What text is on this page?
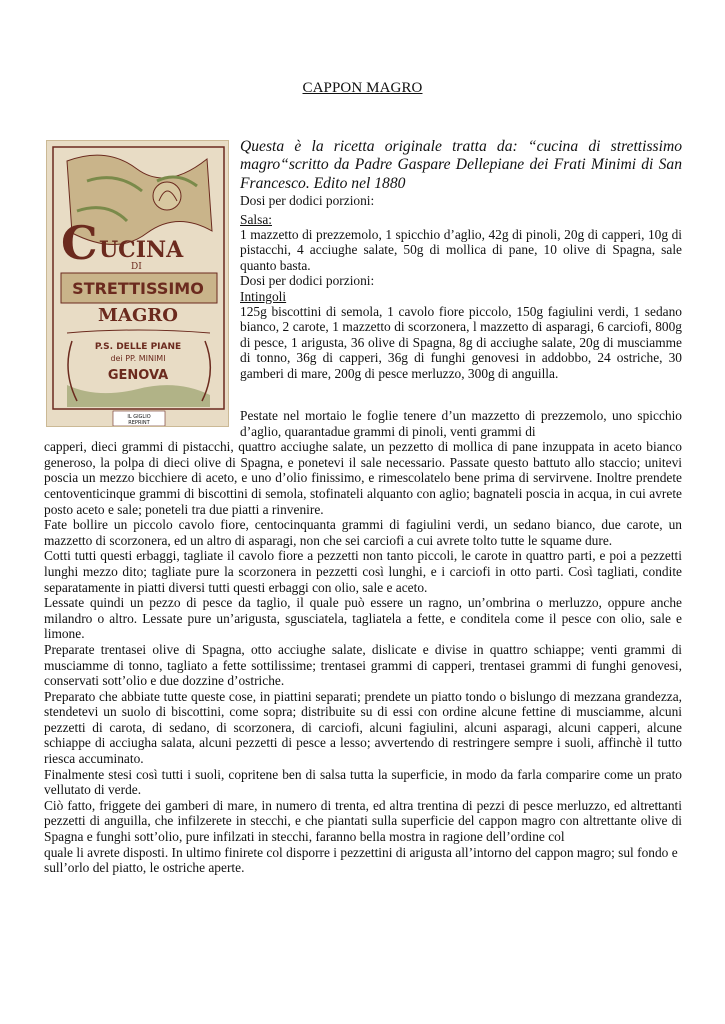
CAPPON MAGRO
C UCINA
DI
STRETTISSIMO
MAGRO
P.S. DELLE PIANE
dei PP. MINIMI
GENOVA
IL GIGLIO
REPRINT

Questa è la ricetta originale tratta da: “cucina di strettissimo magro“scritto da Padre Gaspare Dellepiane dei Frati Minimi di San Francesco. Edito nel 1880

Dosi per dodici porzioni:

Salsa:

1 mazzetto di prezzemolo, 1 spicchio d’aglio, 42g di pinoli, 20g di capperi, 10g di pistacchi, 4 acciughe salate, 50g di mollica di pane, 10 olive di Spagna, sale quanto basta.

Dosi per dodici porzioni:

Intingoli

125g biscottini di semola, 1 cavolo fiore piccolo, 150g fagiulini verdi, 1 sedano bianco, 2 carote, 1 mazzetto di scorzonera, l mazzetto di asparagi, 6 carciofi, 800g di pesce, 1 arigusta, 36 olive di Spagna, 8g di acciughe salate, 20g di musciamme di tonno, 36g di capperi, 36g di funghi genovesi in addobbo, 24 ostriche, 30 gamberi di mare, 200g di pesce merluzzo, 300g di anguilla.

Pestate nel mortaio le foglie tenere d’un mazzetto di prezzemolo, uno spicchio d’aglio, quarantadue grammi di pinoli, venti grammi di

capperi, dieci grammi di pistacchi, quattro acciughe salate, un pezzetto di mollica di pane inzuppata in aceto bianco generoso, la polpa di dieci olive di Spagna, e ponetevi il sale necessario. Passate questo battuto allo staccio; unitevi poscia un mezzo bicchiere di aceto, e uno d’olio finissimo, e rimescolatelo bene prima di servirvene. Inoltre prendete centoventicinque grammi di biscottini di semola, stofinateli alquanto con aglio; bagnateli poscia in acqua, in cui avrete posto aceto e sale; poneteli tra due piatti a rinvenire.

Fate bollire un piccolo cavolo fiore, centocinquanta grammi di fagiulini verdi, un sedano bianco, due carote, un mazzetto di scorzonera, ed un altro di asparagi, non che sei carciofi a cui avrete tolto tutte le squame dure.

Cotti tutti questi erbaggi, tagliate il cavolo fiore a pezzetti non tanto piccoli, le carote in quattro parti, e poi a pezzetti lunghi mezzo dito; tagliate pure la scorzonera in pezzetti così lunghi, e i carciofi in otto parti. Così tagliati, condite separatamente in piatti diversi tutti questi erbaggi con olio, sale e aceto.

Lessate quindi un pezzo di pesce da taglio, il quale può essere un ragno, un’ombrina o merluzzo, oppure anche milandro o altro. Lessate pure un’arigusta, sgusciatela, tagliatela a fette, e conditela come il pesce con olio, sale e limone.

Preparate trentasei olive di Spagna, otto acciughe salate, dislicate e divise in quattro schiappe; venti grammi di musciamme di tonno, tagliato a fette sottilissime; trentasei grammi di capperi, trentasei grammi di funghi genovesi, conservati sott’olio e due dozzine d’ostriche.

Preparato che abbiate tutte queste cose, in piattini separati; prendete un piatto tondo o bislungo di mezzana grandezza, stendetevi un suolo di biscottini, come sopra; distribuite su di essi con ordine alcune fettine di musciamme, alcuni pezzetti di carota, di sedano, di scorzonera, di carciofi, alcuni fagiulini, alcuni asparagi, alcuni capperi, alcune schiappe di acciugha salata, alcuni pezzetti di pesce a lesso; avvertendo di restringere sempre i suoli, affinchè il tutto riesca accuminato.

Finalmente stesi così tutti i suoli, copritene ben di salsa tutta la superficie, in modo da farla comparire come un prato vellutato di verde.

Ciò fatto, friggete dei gamberi di mare, in numero di trenta, ed altra trentina di pezzi di pesce merluzzo, ed altrettanti pezzetti di anguilla, che infilzerete in stecchi, e che piantati sulla superficie del cappon magro con altrettante olive di Spagna e funghi sott’olio, pure infilzati in stecchi, faranno bella mostra in ragione dell’ordine col

quale li avrete disposti. In ultimo finirete col disporre i pezzettini di arigusta all’intorno del cappon magro; sul fondo e sull’orlo del piatto, le ostriche aperte.
